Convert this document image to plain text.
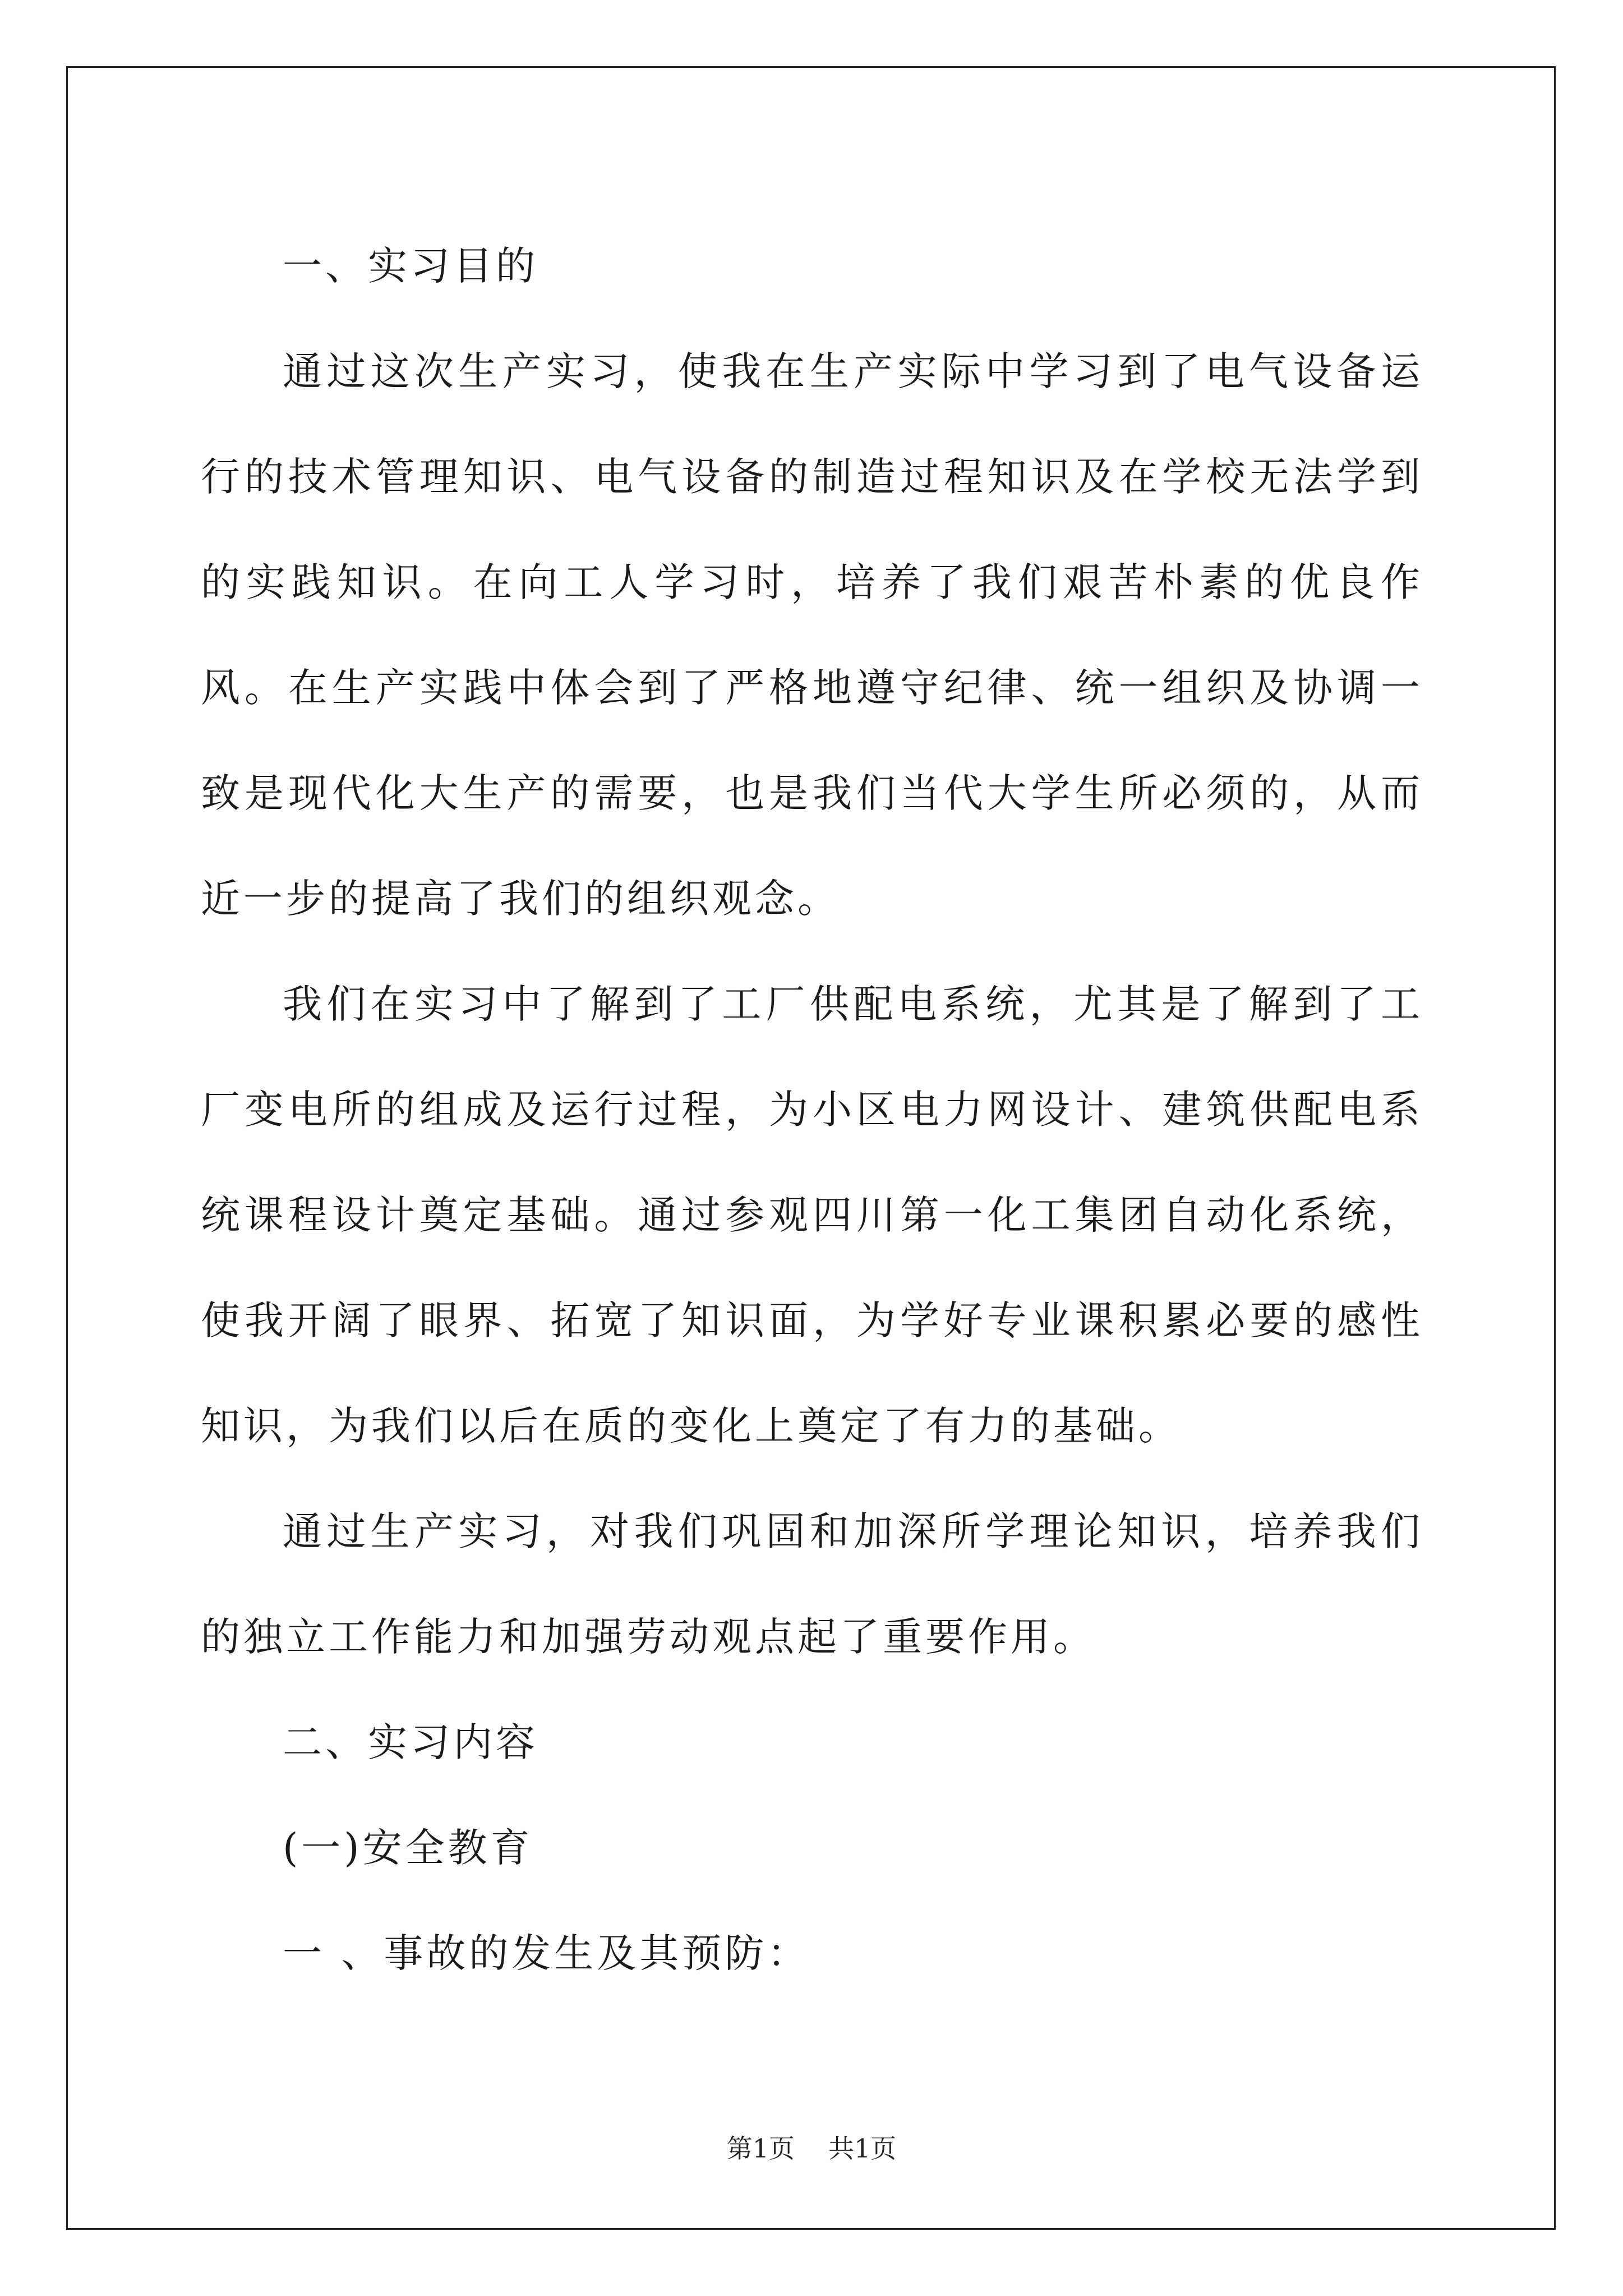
一、实习目的

通过这次生产实习，使我在生产实际中学习到了电气设备运行的技术管理知识、电气设备的制造过程知识及在学校无法学到的实践知识。在向工人学习时，培养了我们艰苦朴素的优良作风。在生产实践中体会到了严格地遵守纪律、统一组织及协调一致是现代化大生产的需要，也是我们当代大学生所必须的，从而近一步的提高了我们的组织观念。

我们在实习中了解到了工厂供配电系统，尤其是了解到了工厂变电所的组成及运行过程，为小区电力网设计、建筑供配电系统课程设计奠定基础。通过参观四川第一化工集团自动化系统，使我开阔了眼界、拓宽了知识面，为学好专业课积累必要的感性知识，为我们以后在质的变化上奠定了有力的基础。

通过生产实习，对我们巩固和加深所学理论知识，培养我们的独立工作能力和加强劳动观点起了重要作用。

二、实习内容

(一)安全教育

一 、事故的发生及其预防：

第1页 共1页
